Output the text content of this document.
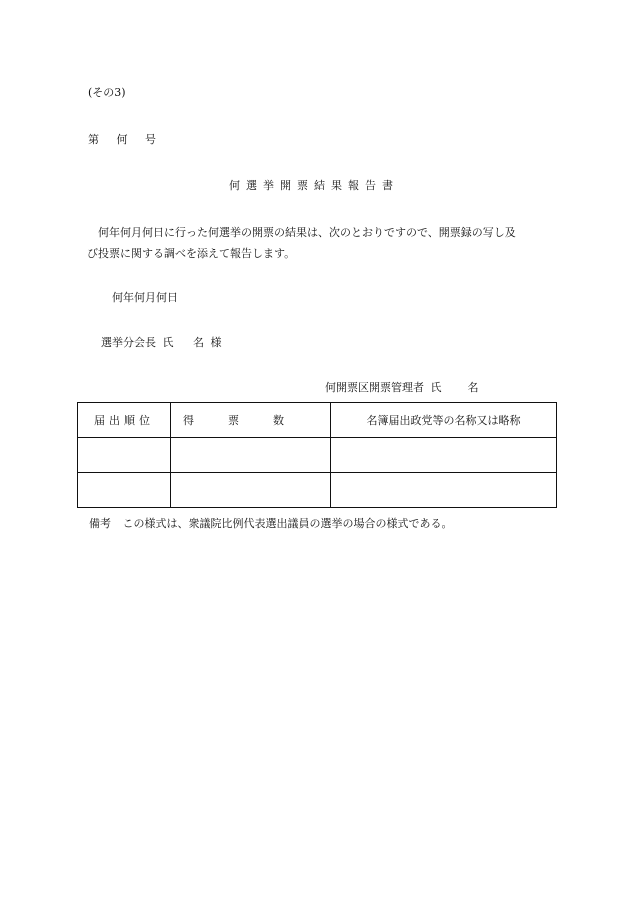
(その3)
第 何 号
何選挙開票結果報告書

何年何月何日に行った何選挙の開票の結果は、次のとおりですので、開票録の写し及

び投票に関する調べを添えて報告します。

何年何月何日
選挙分会長 氏   名 様
何開票区開票管理者 氏    名
届出順位	得票数	名簿届出政党等の名称又は略称

備考 この様式は、衆議院比例代表選出議員の選挙の場合の様式である。
